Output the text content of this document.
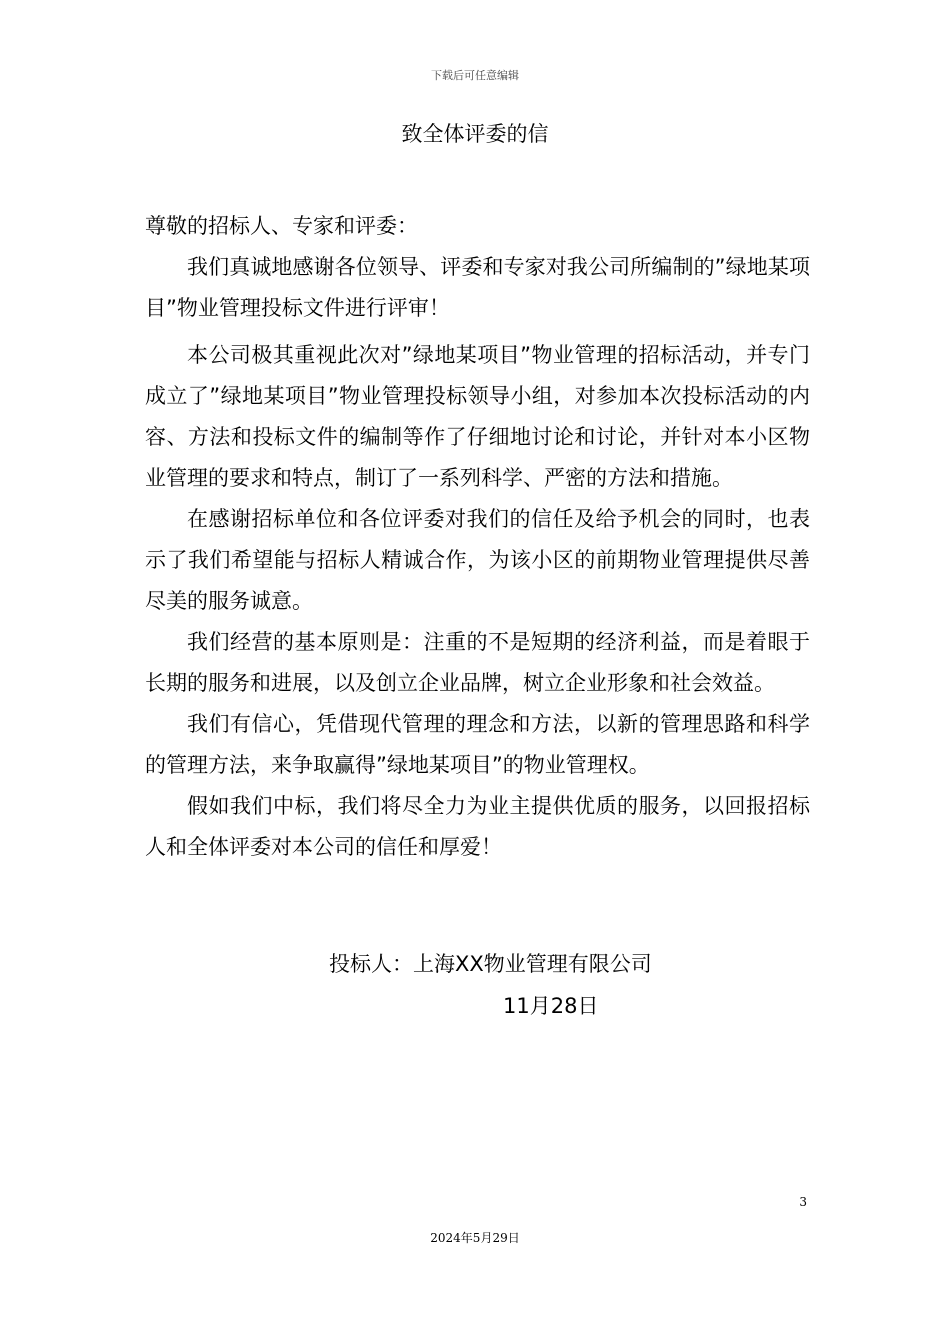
下载后可任意编辑
致全体评委的信

尊敬的招标人、专家和评委：

我们真诚地感谢各位领导、评委和专家对我公司所编制的”绿地某项目”物业管理投标文件进行评审！

本公司极其重视此次对”绿地某项目”物业管理的招标活动，并专门成立了”绿地某项目”物业管理投标领导小组，对参加本次投标活动的内容、方法和投标文件的编制等作了仔细地讨论和讨论，并针对本小区物业管理的要求和特点，制订了一系列科学、严密的方法和措施。

在感谢招标单位和各位评委对我们的信任及给予机会的同时，也表示了我们希望能与招标人精诚合作，为该小区的前期物业管理提供尽善尽美的服务诚意。

我们经营的基本原则是：注重的不是短期的经济利益，而是着眼于长期的服务和进展，以及创立企业品牌，树立企业形象和社会效益。

我们有信心，凭借现代管理的理念和方法，以新的管理思路和科学的管理方法，来争取赢得”绿地某项目”的物业管理权。

假如我们中标，我们将尽全力为业主提供优质的服务，以回报招标人和全体评委对本公司的信任和厚爱！

投标人：上海XX物业管理有限公司
11月28日
3
2024年5月29日
